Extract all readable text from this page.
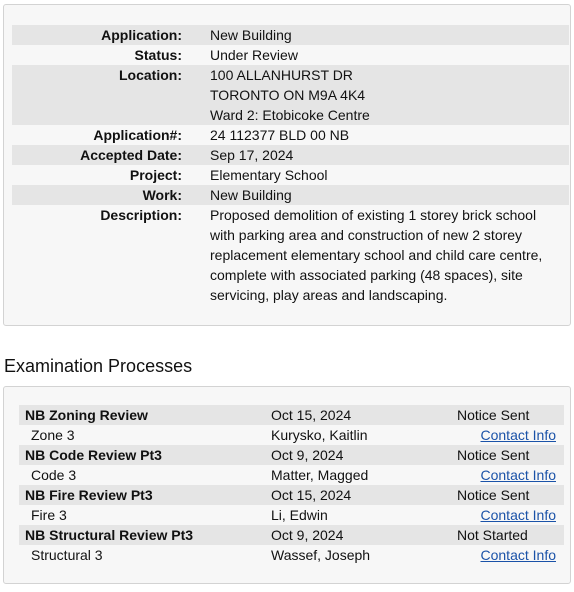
Application:	New Building

Status:	Under Review

Location:	100 ALLANHURST DR
TORONTO ON M9A 4K4
Ward 2: Etobicoke Centre

Application#:	24 112377 BLD 00 NB

Accepted Date:	Sep 17, 2024

Project:	Elementary School

Work:	New Building

Description:	Proposed demolition of existing 1 storey brick school
with parking area and construction of new 2 storey
replacement elementary school and child care centre,
complete with associated parking (48 spaces), site
servicing, play areas and landscaping.
Examination Processes
NB Zoning Review	Oct 15, 2024	Notice Sent
Zone 3	Kurysko, Kaitlin	Contact Info
NB Code Review Pt3	Oct 9, 2024	Notice Sent
Code 3	Matter, Magged	Contact Info
NB Fire Review Pt3	Oct 15, 2024	Notice Sent
Fire 3	Li, Edwin	Contact Info
NB Structural Review Pt3	Oct 9, 2024	Not Started
Structural 3	Wassef, Joseph	Contact Info
